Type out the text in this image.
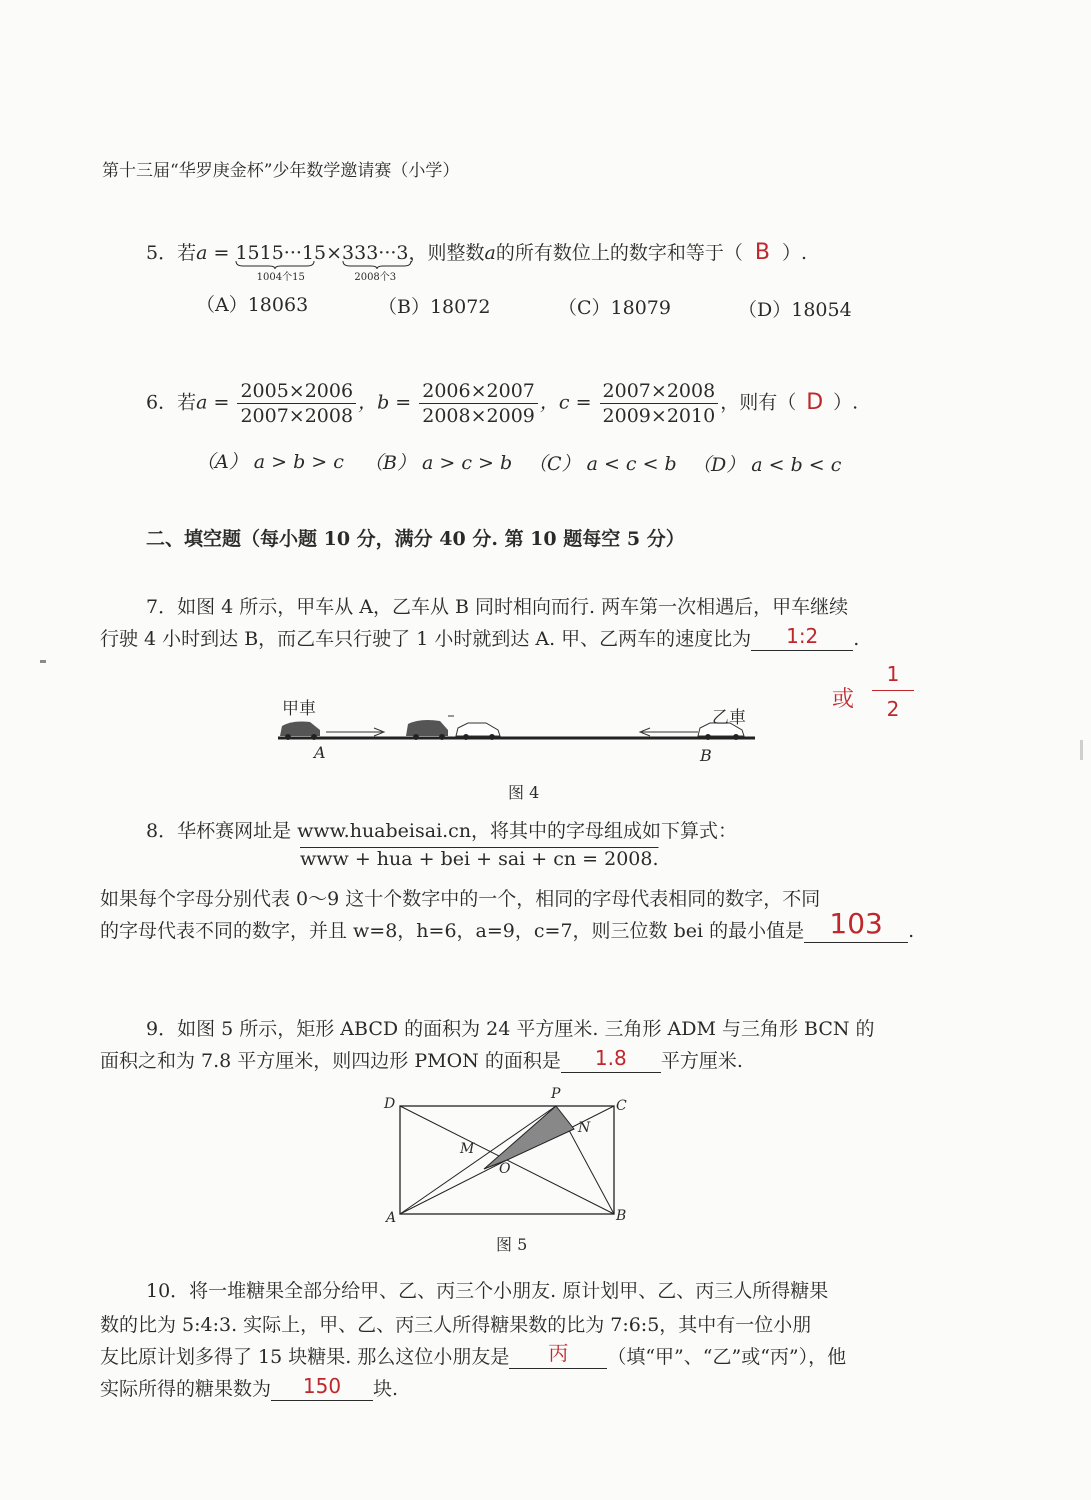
第十三届“华罗庚金杯”少年数学邀请赛（小学）
5．若a = 1515···15
1004个15
×333···3
2008个3
，则整数a的所有数位上的数字和等于（ B ）.
（A）18063	（B）18072	（C）18079	（D）18054
6．若$a = \frac{2005\times 2006}{2007\times 2008}$ ，$b = \frac{2006\times 2007}{2008\times 2009}$ ，$c = \frac{2007\times 2008}{2009\times 2010}$ ，则有（ D ）.
（A） a > b > c （B） a > c > b （C） a < c < b （D） a < b < c
二、填空题（每小题 10 分，满分 40 分. 第 10 题每空 5 分）
7．如图 4 所示，甲车从 A，乙车从 B 同时相向而行. 两车第一次相遇后，甲车继续
行驶 4 小时到达 B，而乙车只行驶了 1 小时就到达 A. 甲、乙两车的速度比为	1:2	.
或 $\frac{1}{2}$
甲車	乙車
A	B
图 4
8．华杯赛网址是 www.huabeisai.cn，将其中的字母组成如下算式：
www + hua + bei + sai + cn = 2008.
如果每个字母分别代表 0～9 这十个数字中的一个，相同的字母代表相同的数字，不同
的字母代表不同的数字，并且 w=8，h=6，a=9，c=7，则三位数 bei 的最小值是 103	.
9．如图 5 所示，矩形 ABCD 的面积为 24 平方厘米. 三角形 ADM 与三角形 BCN 的
面积之和为 7.8 平方厘米，则四边形 PMON 的面积是	1.8	平方厘米.
D
P
C
N
M
O
A	B
图 5
10．将一堆糖果全部分给甲、乙、丙三个小朋友. 原计划甲、乙、丙三人所得糖果
数的比为 5:4:3. 实际上，甲、乙、丙三人所得糖果数的比为 7:6:5，其中有一位小朋
友比原计划多得了 15 块糖果. 那么这位小朋友是	丙	（填“甲”、“乙”或“丙”），他
实际所得的糖果数为	150	块.
